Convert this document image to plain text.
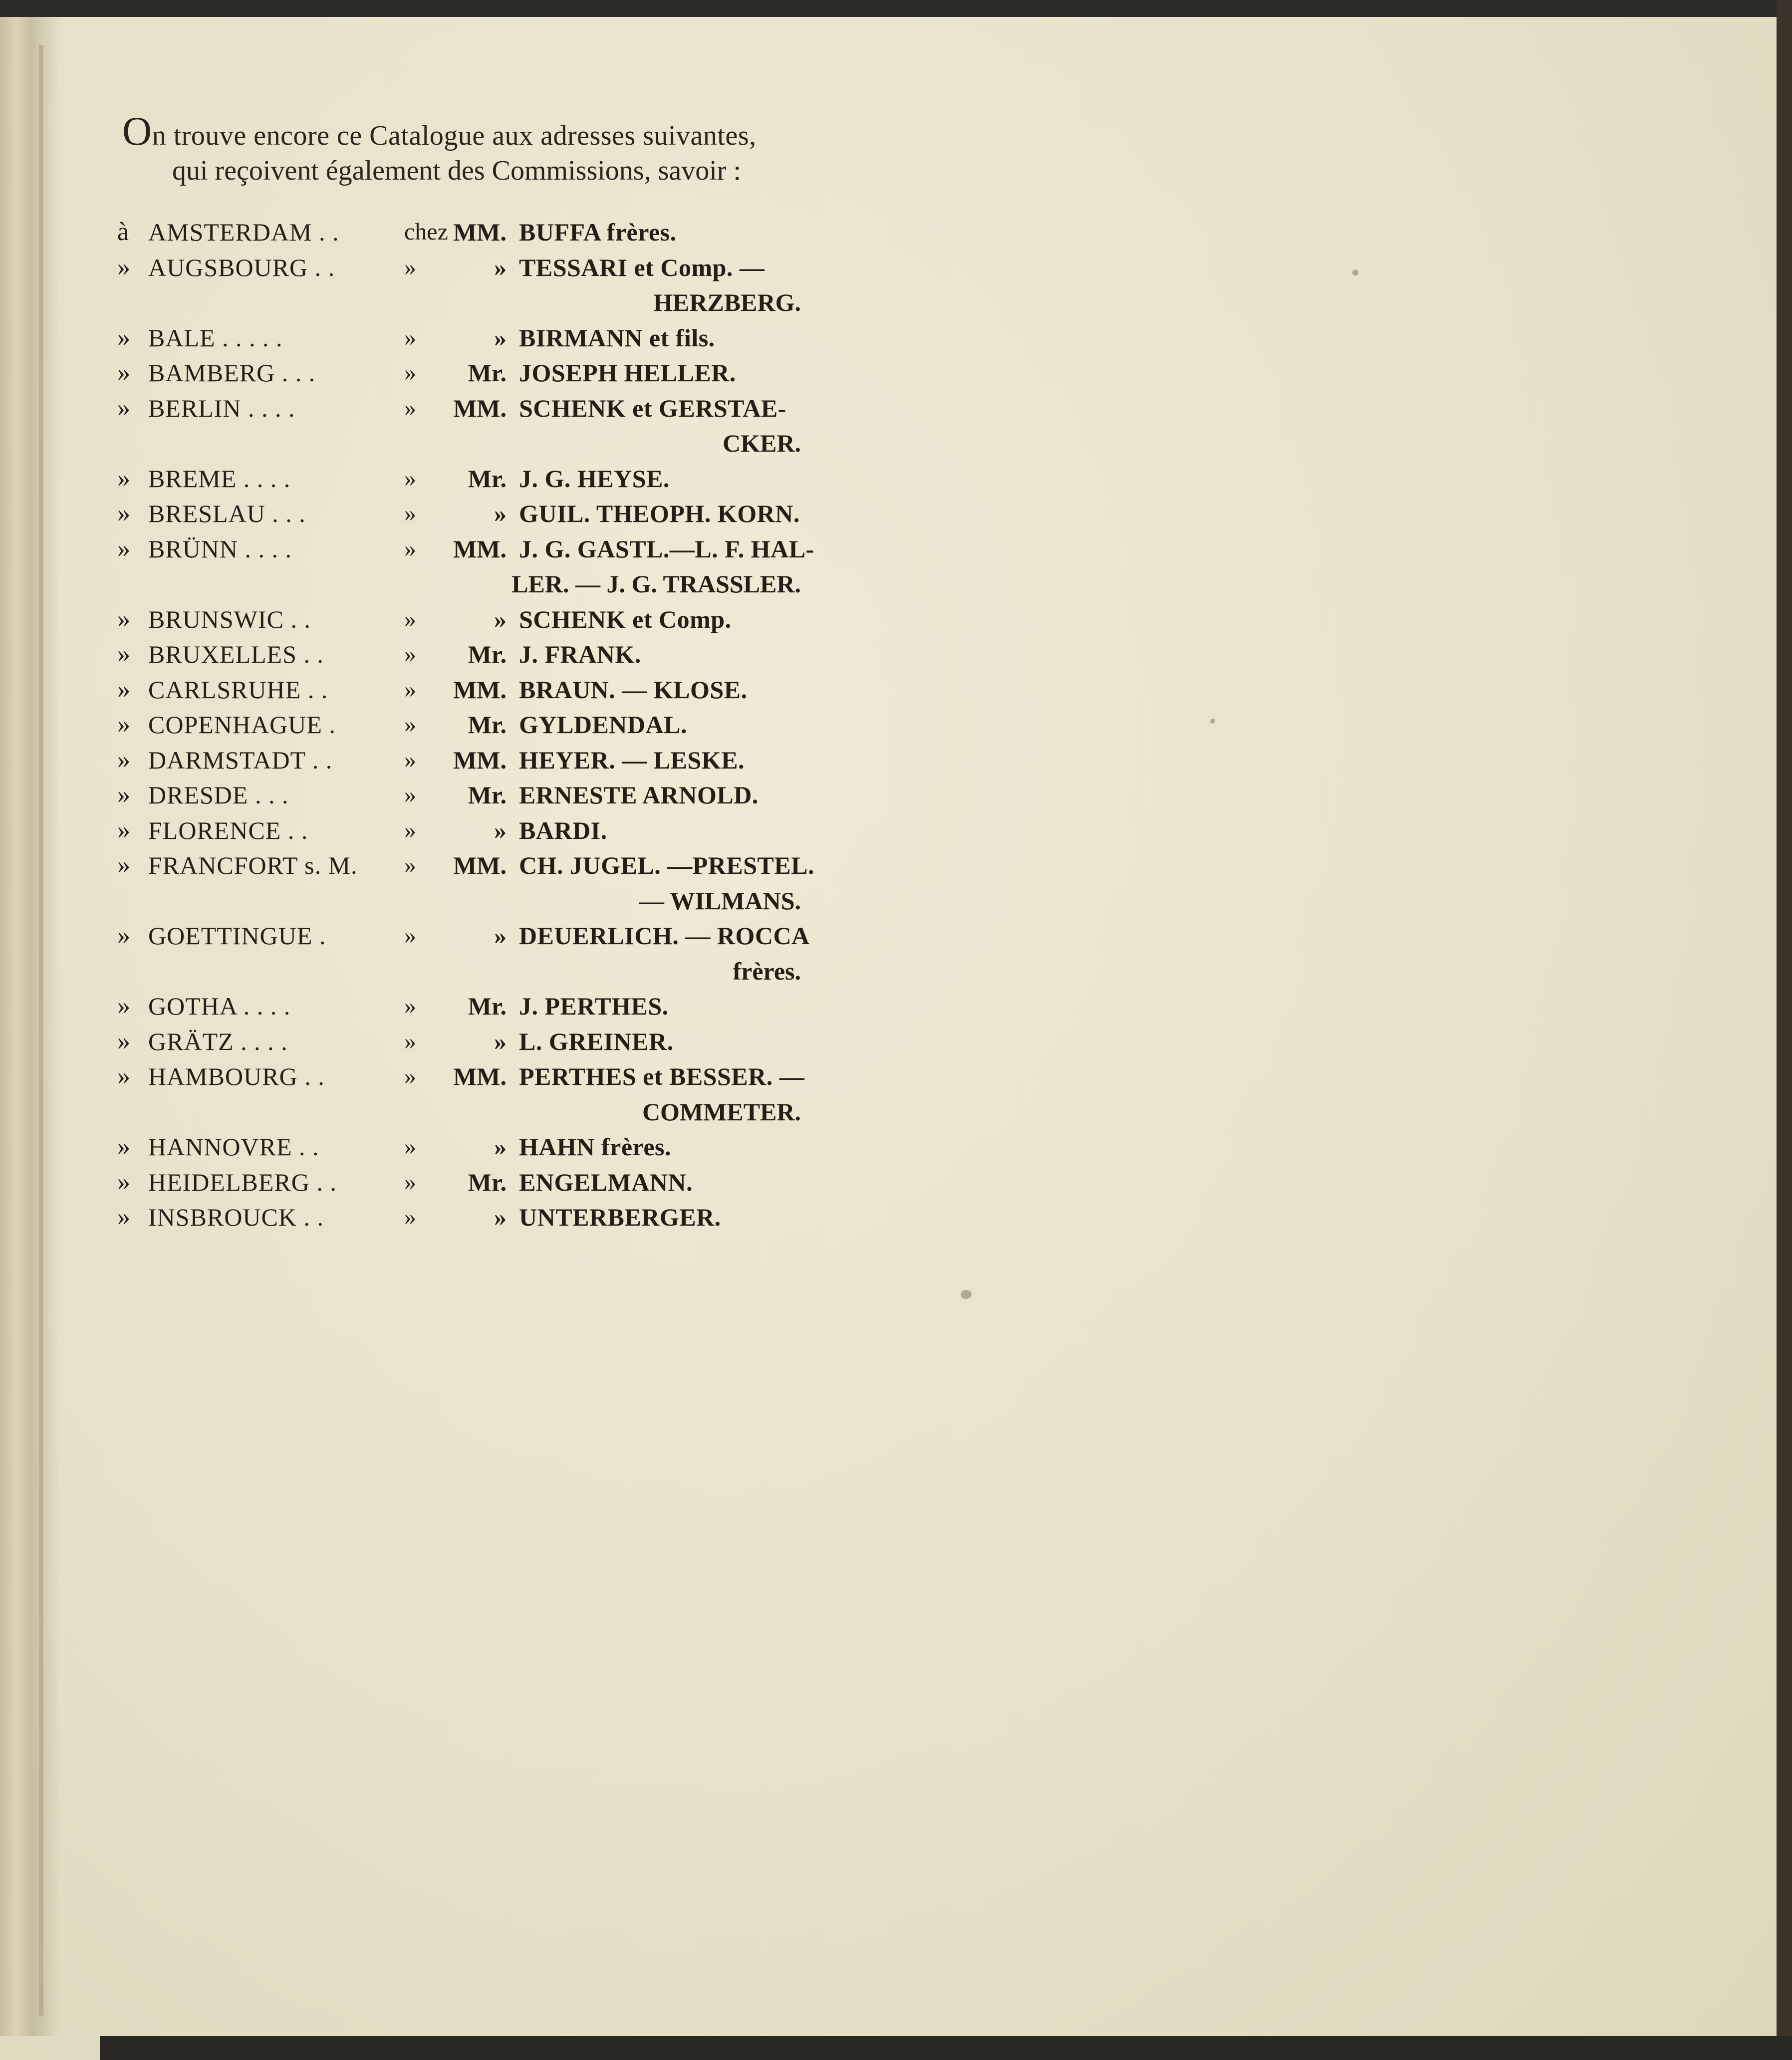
On trouve encore ce Catalogue aux adresses suivantes,
qui reçoivent également des Commissions, savoir :
à AMSTERDAM . .	chez MM. BUFFA frères.
» AUGSBOURG . .	»	» TESSARI et Comp. —
HERZBERG.
» BALE . . . . .	»	» BIRMANN et fils.
» BAMBERG . . .	»	Mr. JOSEPH HELLER.
» BERLIN . . . .	»	MM. SCHENK et GERSTAE-
CKER.
» BREME . . . .	»	Mr. J. G. HEYSE.
» BRESLAU . . .	»	» GUIL. THEOPH. KORN.
» BRÜNN . . . .	»	MM. J. G. GASTL.—L. F. HAL-
LER. — J. G. TRASSLER.
» BRUNSWIC . .	»	» SCHENK et Comp.
» BRUXELLES . .	»	Mr. J. FRANK.
» CARLSRUHE . .	»	MM. BRAUN. — KLOSE.
» COPENHAGUE .	»	Mr. GYLDENDAL.
» DARMSTADT . .	»	MM. HEYER. — LESKE.
» DRESDE . . .	»	Mr. ERNESTE ARNOLD.
» FLORENCE . .	»	» BARDI.
» FRANCFORT s. M. »	MM. CH. JUGEL. —PRESTEL.
— WILMANS.
» GOETTINGUE .	»	» DEUERLICH. — ROCCA
frères.
» GOTHA . . . .	»	Mr. J. PERTHES.
» GRÄTZ . . . .	»	» L. GREINER.
» HAMBOURG . .	»	MM. PERTHES et BESSER. —
COMMETER.
» HANNOVRE . .	»	» HAHN frères.
» HEIDELBERG . .	»	Mr. ENGELMANN.
» INSBROUCK . .	»	» UNTERBERGER.
